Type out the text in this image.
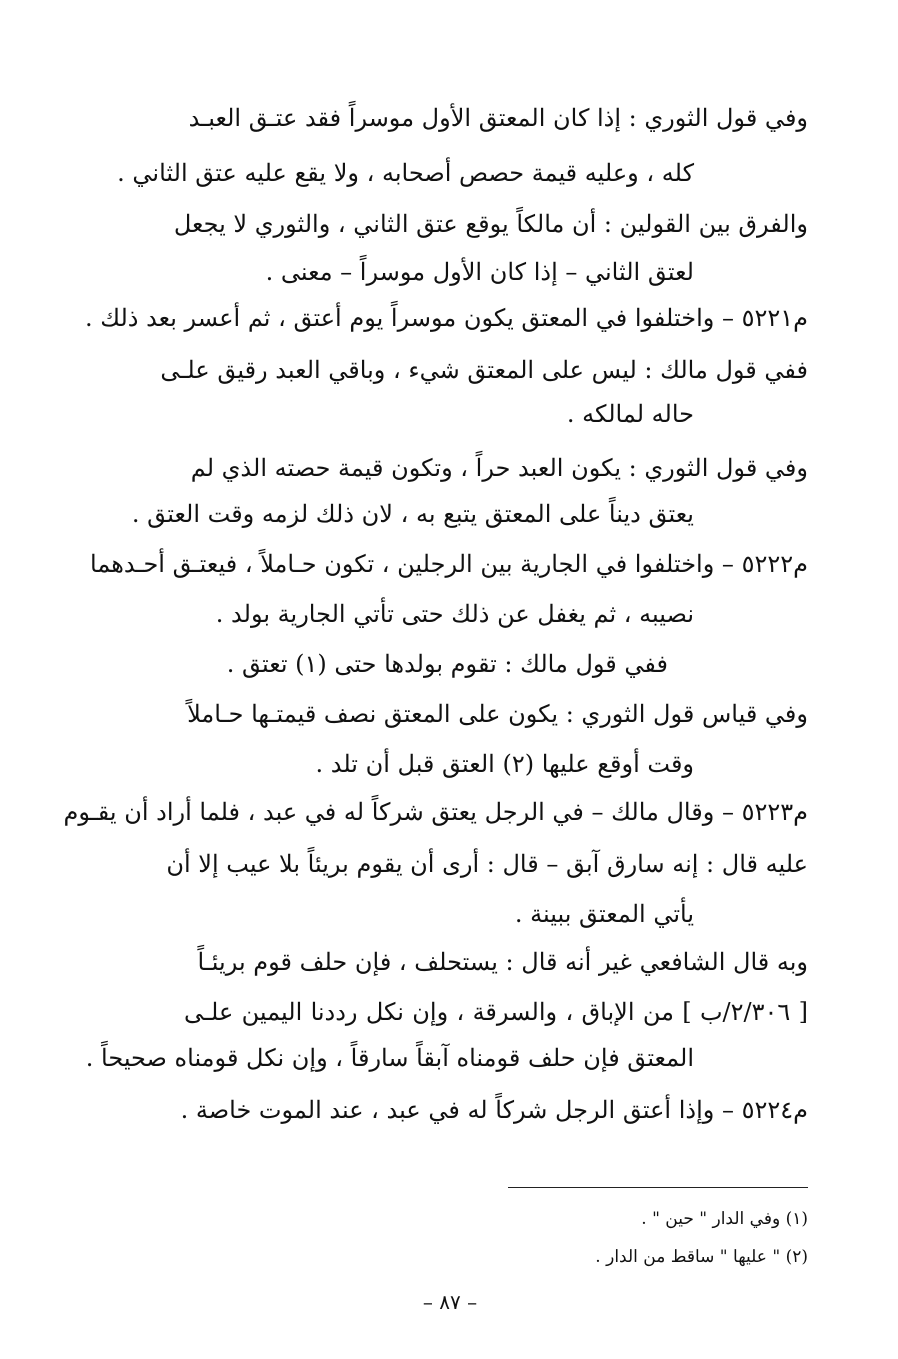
وفي قول الثوري : إذا كان المعتق الأول موسراً فقد عتـق العبـد
كله ، وعليه قيمة حصص أصحابه ، ولا يقع عليه عتق الثاني .
والفرق بين القولين : أن مالكاً يوقع عتق الثاني ، والثوري لا يجعل
لعتق الثاني – إذا كان الأول موسراً – معنى .
م٥٢٢١ – واختلفوا في المعتق يكون موسراً يوم أعتق ، ثم أعسر بعد ذلك .
ففي قول مالك : ليس على المعتق شيء ، وباقي العبد رقيق علـى
حاله لمالكه .
وفي قول الثوري : يكون العبد حراً ، وتكون قيمة حصته الذي لم
يعتق ديناً على المعتق يتبع به ، لان ذلك لزمه وقت العتق .
م٥٢٢٢ – واختلفوا في الجارية بين الرجلين ، تكون حـاملاً ، فيعتـق أحـدهما
نصيبه ، ثم يغفل عن ذلك حتى تأتي الجارية بولد .
ففي قول مالك : تقوم بولدها حتى (١) تعتق .
وفي قياس قول الثوري : يكون على المعتق نصف قيمتـها حـاملاً
وقت أوقع عليها (٢) العتق قبل أن تلد .
م٥٢٢٣ – وقال مالك – في الرجل يعتق شركاً له في عبد ، فلما أراد أن يقـوم
عليه قال : إنه سارق آبق – قال : أرى أن يقوم بريئاً بلا عيب إلا أن
يأتي المعتق ببينة .
وبه قال الشافعي غير أنه قال : يستحلف ، فإن حلف قوم بريئـاً
[ ٢/٣٠٦/ب ] من الإباق ، والسرقة ، وإن نكل رددنا اليمين علـى
المعتق فإن حلف قومناه آبقاً سارقاً ، وإن نكل قومناه صحيحاً .
م٥٢٢٤ – وإذا أعتق الرجل شركاً له في عبد ، عند الموت خاصة .
(١) وفي الدار " حين " .
(٢) " عليها " ساقط من الدار .
– ٨٧ –
